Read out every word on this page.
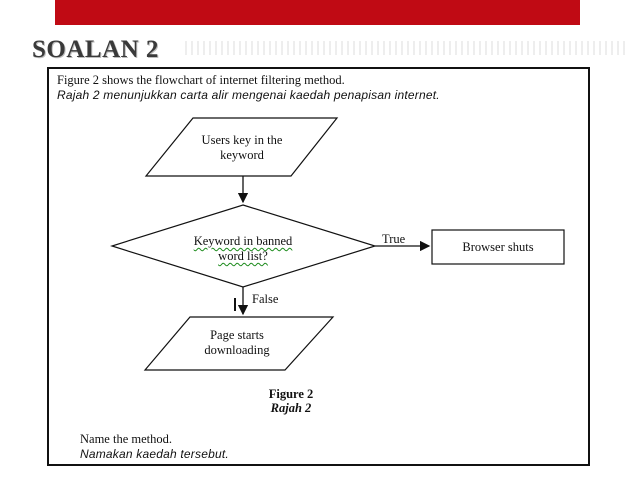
SOALAN 2
Figure 2 shows the flowchart of internet filtering method.
Rajah 2 menunjukkan carta alir mengenai kaedah penapisan internet.
Users key in the
keyword
Keyword in banned
word list?
True
Browser shuts
False
Page starts
downloading
Figure 2
Rajah 2
Name the method.
Namakan kaedah tersebut.
